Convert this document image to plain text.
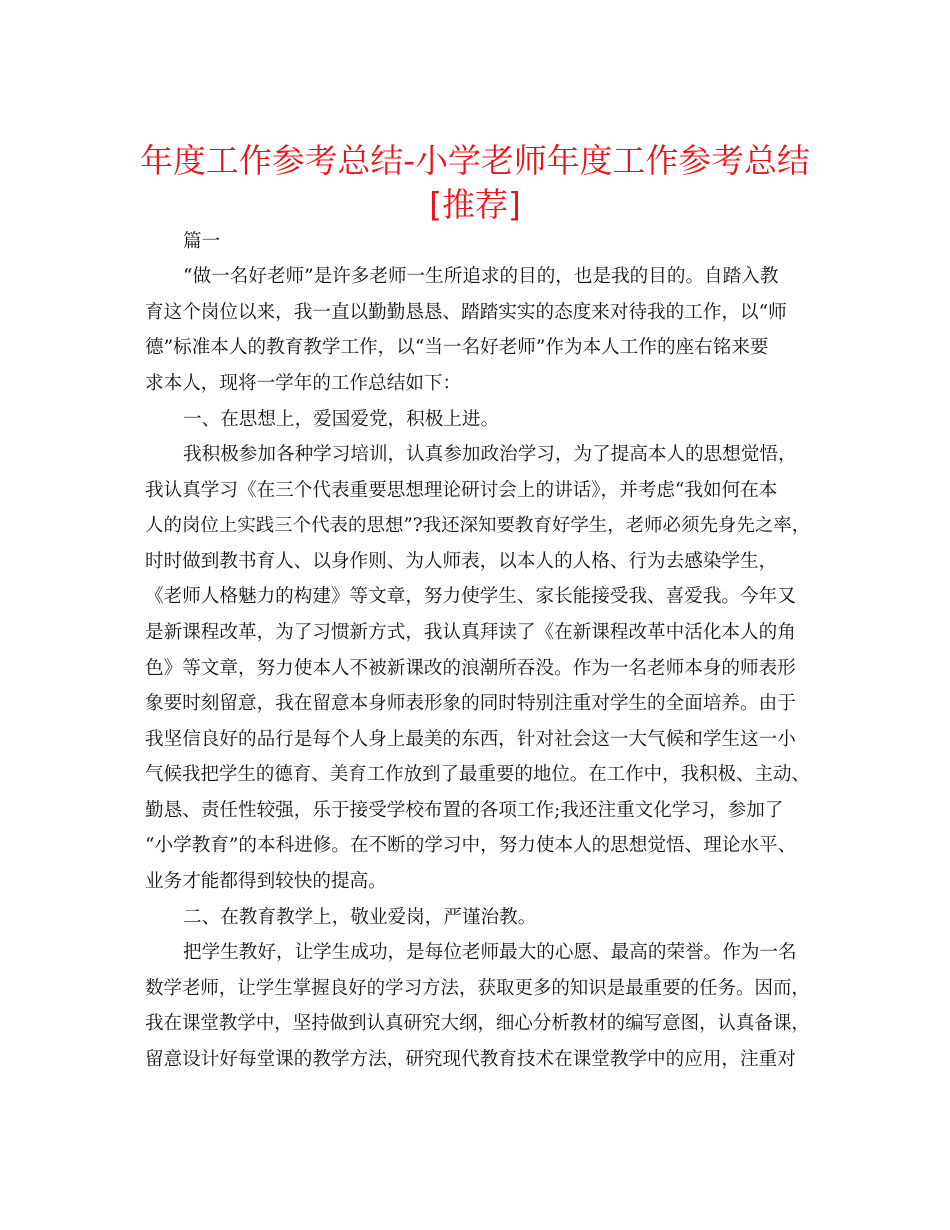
年度工作参考总结-小学老师年度工作参考总结
[推荐]
篇一
“做一名好老师”是许多老师一生所追求的目的，也是我的目的。自踏入教
育这个岗位以来，我一直以勤勤恳恳、踏踏实实的态度来对待我的工作，以“师
德”标准本人的教育教学工作，以“当一名好老师”作为本人工作的座右铭来要
求本人，现将一学年的工作总结如下：
一、在思想上，爱国爱党，积极上进。
我积极参加各种学习培训，认真参加政治学习，为了提高本人的思想觉悟，
我认真学习《在三个代表重要思想理论研讨会上的讲话》，并考虑“我如何在本
人的岗位上实践三个代表的思想”?我还深知要教育好学生，老师必须先身先之率，
时时做到教书育人、以身作则、为人师表，以本人的人格、行为去感染学生，
《老师人格魅力的构建》等文章，努力使学生、家长能接受我、喜爱我。今年又
是新课程改革，为了习惯新方式，我认真拜读了《在新课程改革中活化本人的角
色》等文章，努力使本人不被新课改的浪潮所吞没。作为一名老师本身的师表形
象要时刻留意，我在留意本身师表形象的同时特别注重对学生的全面培养。由于
我坚信良好的品行是每个人身上最美的东西，针对社会这一大气候和学生这一小
气候我把学生的德育、美育工作放到了最重要的地位。在工作中，我积极、主动、
勤恳、责任性较强，乐于接受学校布置的各项工作;我还注重文化学习，参加了
“小学教育”的本科进修。在不断的学习中，努力使本人的思想觉悟、理论水平、
业务才能都得到较快的提高。
二、在教育教学上，敬业爱岗，严谨治教。
把学生教好，让学生成功，是每位老师最大的心愿、最高的荣誉。作为一名
数学老师，让学生掌握良好的学习方法，获取更多的知识是最重要的任务。因而，
我在课堂教学中，坚持做到认真研究大纲，细心分析教材的编写意图，认真备课，
留意设计好每堂课的教学方法，研究现代教育技术在课堂教学中的应用，注重对
